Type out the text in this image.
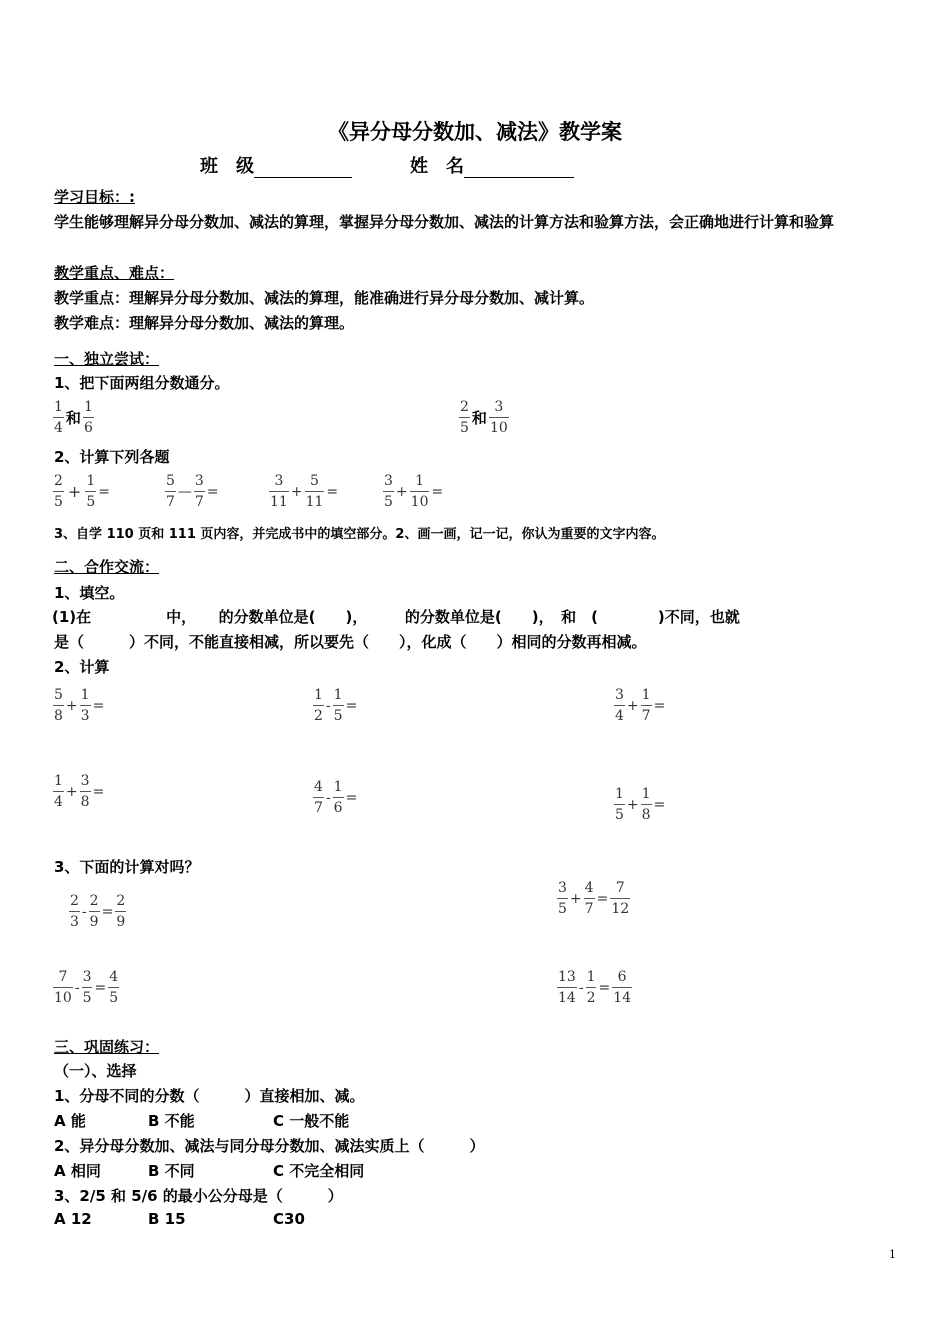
《异分母分数加、减法》教学案
班　级	姓　名
学习目标：:
学生能够理解异分母分数加、减法的算理，掌握异分母分数加、减法的计算方法和验算方法，会正确地进行计算和验算
教学重点、难点：
教学重点：理解异分母分数加、减法的算理，能准确进行异分母分数加、减计算。
教学难点：理解异分母分数加、减法的算理。
一、独立尝试：
1、把下面两组分数通分。
$\frac{1}{4}$ 和 $\frac{1}{6}$	$\frac{2}{5}$ 和 $\frac{3}{10}$
2、计算下列各题
$\frac{2}{5} + \frac{1}{5}$ =	$\frac{5}{7}$ — $\frac{3}{7}$ =	$\frac{3}{11} + \frac{5}{11}$ =	$\frac{3}{5} + \frac{1}{10}$ =
3、自学 110 页和 111 页内容，并完成书中的填空部分。2、画一画，记一记，你认为重要的文字内容。
二、合作交流：
1、填空。
(1)在　　　　　中，　　的分数单位是(　　)，　　　的分数单位是(　　)，　和　(　　　　)不同，也就
是（　　　）不同，不能直接相减，所以要先（　　），化成（　　）相同的分数再相减。
2、计算
$\frac{5}{8} + \frac{1}{3}$ =	$\frac{1}{2} - \frac{1}{5}$ =	$\frac{3}{4} + \frac{1}{7}$ =
$\frac{1}{4} + \frac{3}{8}$ =	$\frac{4}{7} - \frac{1}{6}$ =	$\frac{1}{5} + \frac{1}{8}$ =
3、下面的计算对吗？
$\frac{2}{3} - \frac{2}{9} = \frac{2}{9}$	$\frac{3}{5} + \frac{4}{7} = \frac{7}{12}$
$\frac{7}{10} - \frac{3}{5} = \frac{4}{5}$	$\frac{13}{14} - \frac{1}{2} = \frac{6}{14}$
三、巩固练习：
（一）、选择
1、分母不同的分数（　　　）直接相加、减。
A 能	B 不能	C 一般不能
2、异分母分数加、减法与同分母分数加、减法实质上（　　　）
A 相同	B 不同	C 不完全相同
3、2/5 和 5/6 的最小公分母是（　　　）
A 12	B 15	C30
1
